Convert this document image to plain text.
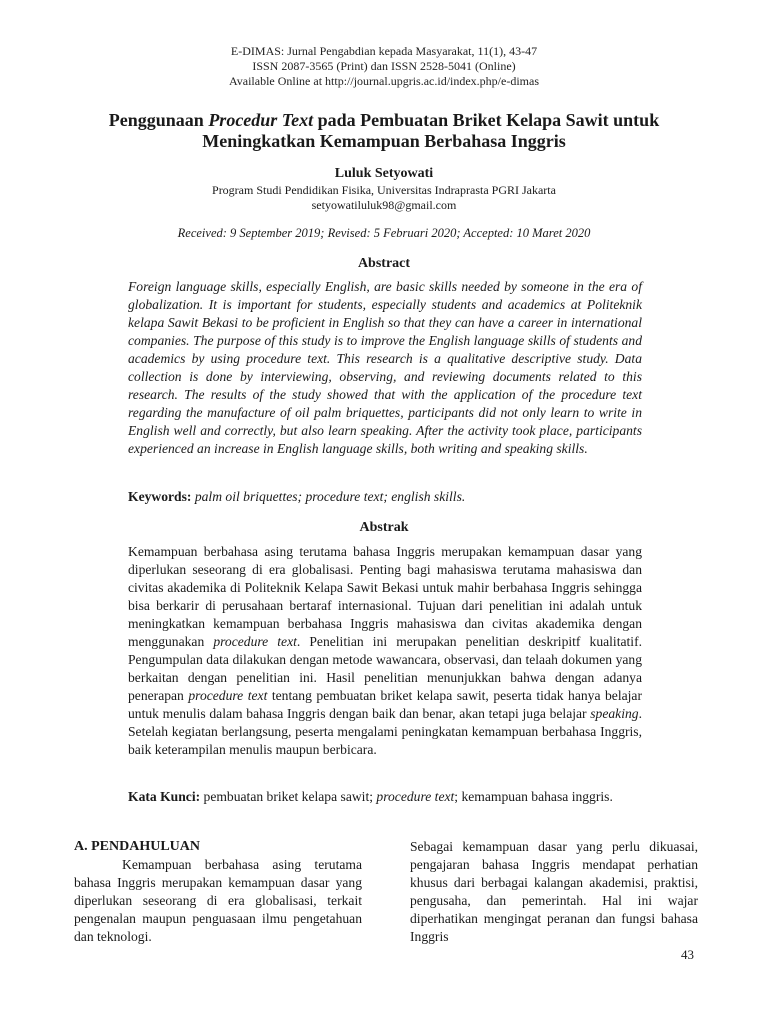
E-DIMAS: Jurnal Pengabdian kepada Masyarakat, 11(1), 43-47
ISSN 2087-3565 (Print) dan ISSN 2528-5041 (Online)
Available Online at http://journal.upgris.ac.id/index.php/e-dimas
Penggunaan Procedur Text pada Pembuatan Briket Kelapa Sawit untuk
Meningkatkan Kemampuan Berbahasa Inggris
Luluk Setyowati
Program Studi Pendidikan Fisika, Universitas Indraprasta PGRI Jakarta
setyowatiluluk98@gmail.com
Received: 9 September 2019; Revised: 5 Februari 2020; Accepted: 10 Maret 2020
Abstract

Foreign language skills, especially English, are basic skills needed by someone in the era of globalization. It is important for students, especially students and academics at Politeknik kelapa Sawit Bekasi to be proficient in English so that they can have a career in international companies. The purpose of this study is to improve the English language skills of students and academics by using procedure text. This research is a qualitative descriptive study. Data collection is done by interviewing, observing, and reviewing documents related to this research. The results of the study showed that with the application of the procedure text regarding the manufacture of oil palm briquettes, participants did not only learn to write in English well and correctly, but also learn speaking. After the activity took place, participants experienced an increase in English language skills, both writing and speaking skills.

Keywords: palm oil briquettes; procedure text; english skills.
Abstrak

Kemampuan berbahasa asing terutama bahasa Inggris merupakan kemampuan dasar yang diperlukan seseorang di era globalisasi. Penting bagi mahasiswa terutama mahasiswa dan civitas akademika di Politeknik Kelapa Sawit Bekasi untuk mahir berbahasa Inggris sehingga bisa berkarir di perusahaan bertaraf internasional. Tujuan dari penelitian ini adalah untuk meningkatkan kemampuan berbahasa Inggris mahasiswa dan civitas akademika dengan menggunakan procedure text. Penelitian ini merupakan penelitian deskripitf kualitatif. Pengumpulan data dilakukan dengan metode wawancara, observasi, dan telaah dokumen yang berkaitan dengan penelitian ini. Hasil penelitian menunjukkan bahwa dengan adanya penerapan procedure text tentang pembuatan briket kelapa sawit, peserta tidak hanya belajar untuk menulis dalam bahasa Inggris dengan baik dan benar, akan tetapi juga belajar speaking. Setelah kegiatan berlangsung, peserta mengalami peningkatan kemampuan berbahasa Inggris, baik keterampilan menulis maupun berbicara.

Kata Kunci: pembuatan briket kelapa sawit; procedure text; kemampuan bahasa inggris.
A. PENDAHULUAN

Kemampuan berbahasa asing terutama bahasa Inggris merupakan kemampuan dasar yang diperlukan seseorang di era globalisasi, terkait pengenalan maupun penguasaan ilmu pengetahuan dan teknologi.

Sebagai kemampuan dasar yang perlu dikuasai, pengajaran bahasa Inggris mendapat perhatian khusus dari berbagai kalangan akademisi, praktisi, pengusaha, dan pemerintah. Hal ini wajar diperhatikan mengingat peranan dan fungsi bahasa Inggris

43
